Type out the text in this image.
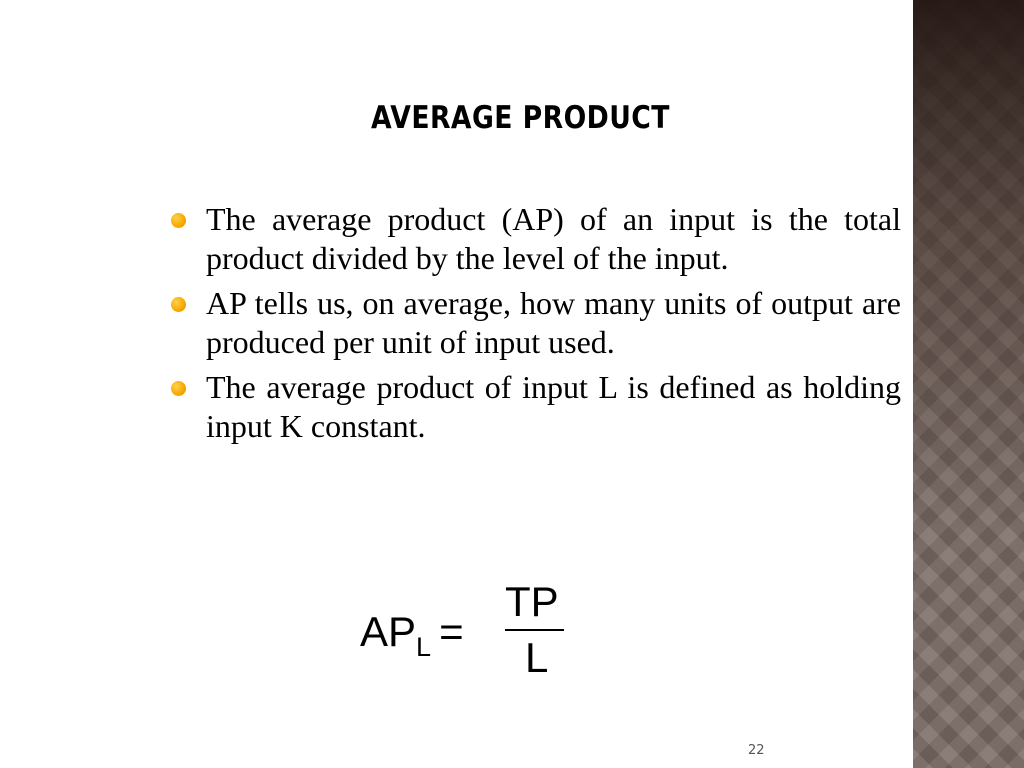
AVERAGE PRODUCT
The average product (AP) of an input is the total product divided by the level of the input.
AP tells us, on average, how many units of output are produced per unit of input used.
The average product of input L is defined as holding input K constant.
$AP_L$ =
TP
L
22
